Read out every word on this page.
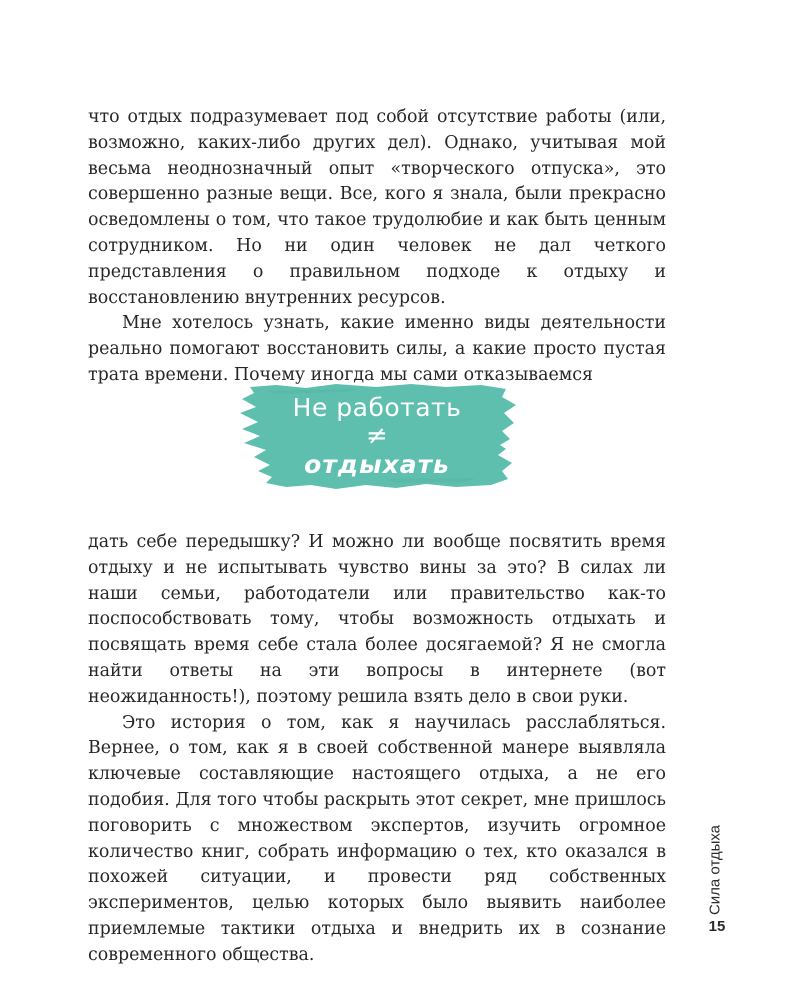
что отдых подразумевает под собой отсутствие работы (или, возможно, каких-либо других дел). Однако, учитывая мой весьма неоднозначный опыт «творческого отпуска», это совершенно разные вещи. Все, кого я знала, были прекрасно осведомлены о том, что такое трудолюбие и как быть ценным сотрудником. Но ни один человек не дал четкого представления о правильном подходе к отдыху и восстановлению внутренних ресурсов.

Мне хотелось узнать, какие именно виды деятельности реально помогают восстановить силы, а какие просто пустая трата времени. Почему иногда мы сами отказываемся

Не работать
≠
отдыхать

дать себе передышку? И можно ли вообще посвятить время отдыху и не испытывать чувство вины за это? В силах ли наши семьи, работодатели или правительство как-то поспособствовать тому, чтобы возможность отдыхать и посвящать время себе стала более досягаемой? Я не смогла найти ответы на эти вопросы в интернете (вот неожиданность!), поэтому решила взять дело в свои руки.

Это история о том, как я научилась расслабляться. Вернее, о том, как я в своей собственной манере выявляла ключевые составляющие настоящего отдыха, а не его подобия. Для того чтобы раскрыть этот секрет, мне пришлось поговорить с множеством экспертов, изучить огромное количество книг, собрать информацию о тех, кто оказался в похожей ситуации, и провести ряд собственных экспериментов, целью которых было выявить наиболее приемлемые тактики отдыха и внедрить их в сознание современного общества.

Сила отдыха
15
